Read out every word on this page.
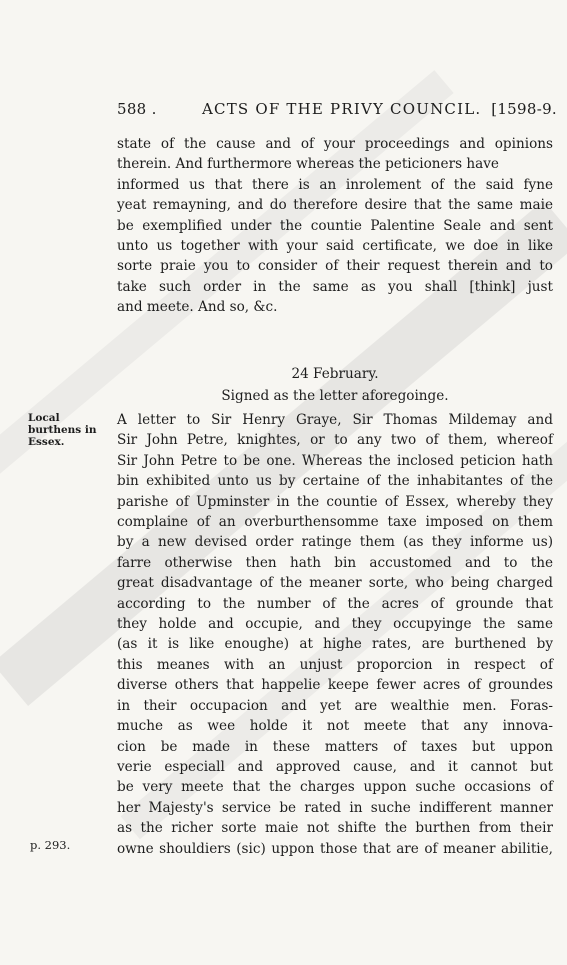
588 .	ACTS OF THE PRIVY COUNCIL. [1598-9.
state of the cause and of your proceedings and opinions
therein. And furthermore whereas the peticioners have
informed us that there is an inrolement of the said fyne
yeat remayning, and do therefore desire that the same maie
be exemplified under the countie Palentine Seale and sent
unto us together with your said certificate, we doe in like
sorte praie you to consider of their request therein and to
take such order in the same as you shall [think] just
and meete. And so, &c.
24 February.
Signed as the letter aforegoinge.
Local
burthens in
Essex.
A letter to Sir Henry Graye, Sir Thomas Mildemay and
Sir John Petre, knightes, or to any two of them, whereof
Sir John Petre to be one. Whereas the inclosed peticion hath
bin exhibited unto us by certaine of the inhabitantes of the
parishe of Upminster in the countie of Essex, whereby they
complaine of an overburthensomme taxe imposed on them
by a new devised order ratinge them (as they informe us)
farre otherwise then hath bin accustomed and to the
great disadvantage of the meaner sorte, who being charged
according to the number of the acres of grounde that
they holde and occupie, and they occupyinge the same
(as it is like enoughe) at highe rates, are burthened by
this meanes with an unjust proporcion in respect of
diverse others that happelie keepe fewer acres of groundes
in their occupacion and yet are wealthie men. Foras-
muche as wee holde it not meete that any innova-
cion be made in these matters of taxes but uppon
verie especiall and approved cause, and it cannot but
be very meete that the charges uppon suche occasions of
her Majesty's service be rated in suche indifferent manner
as the richer sorte maie not shifte the burthen from their
owne shouldiers (sic) uppon those that are of meaner abilitie,
p. 293.
